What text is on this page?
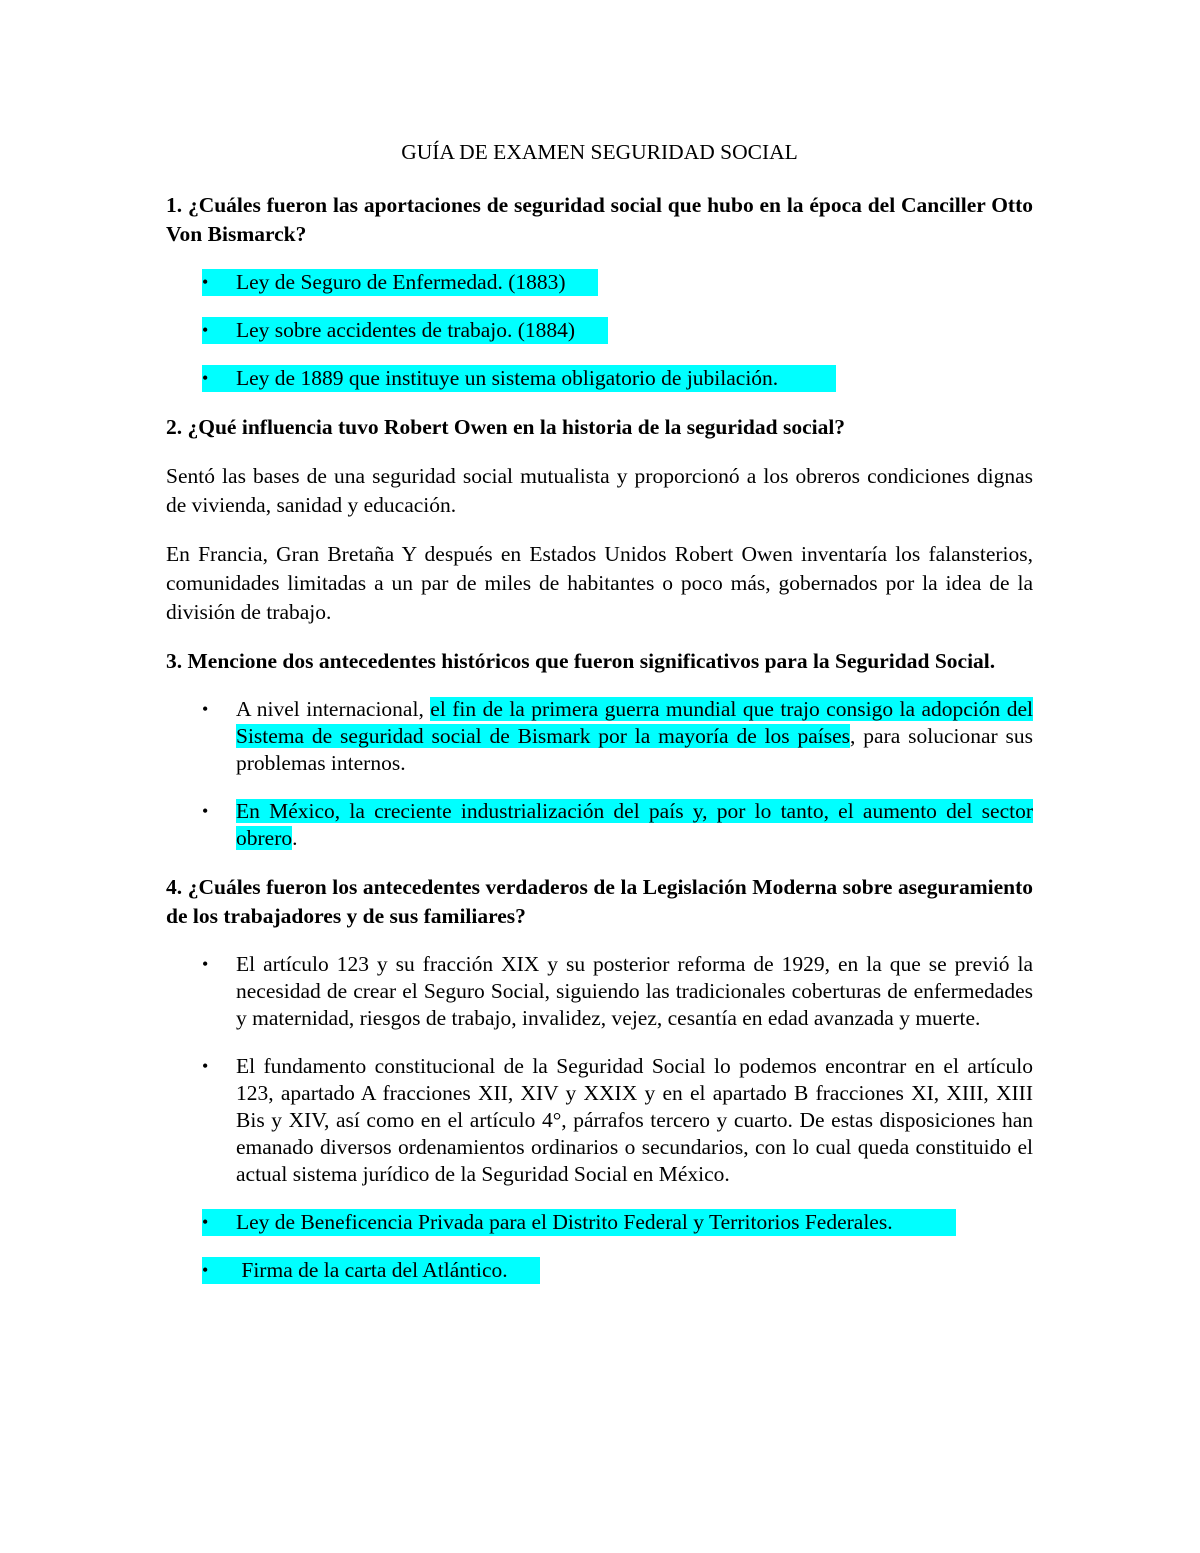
GUÍA DE EXAMEN SEGURIDAD SOCIAL
1. ¿Cuáles fueron las aportaciones de seguridad social que hubo en la época del Canciller Otto Von Bismarck?
• Ley de Seguro de Enfermedad. (1883)
• Ley sobre accidentes de trabajo. (1884)
• Ley de 1889 que instituye un sistema obligatorio de jubilación.
2. ¿Qué influencia tuvo Robert Owen en la historia de la seguridad social?
Sentó las bases de una seguridad social mutualista y proporcionó a los obreros condiciones dignas de vivienda, sanidad y educación.
En Francia, Gran Bretaña Y después en Estados Unidos Robert Owen inventaría los falansterios, comunidades limitadas a un par de miles de habitantes o poco más, gobernados por la idea de la división de trabajo.
3. Mencione dos antecedentes históricos que fueron significativos para la Seguridad Social.
• A nivel internacional, el fin de la primera guerra mundial que trajo consigo la adopción del Sistema de seguridad social de Bismark por la mayoría de los países, para solucionar sus problemas internos.
• En México, la creciente industrialización del país y, por lo tanto, el aumento del sector obrero.
4. ¿Cuáles fueron los antecedentes verdaderos de la Legislación Moderna sobre aseguramiento de los trabajadores y de sus familiares?
• El artículo 123 y su fracción XIX y su posterior reforma de 1929, en la que se previó la necesidad de crear el Seguro Social, siguiendo las tradicionales coberturas de enfermedades y maternidad, riesgos de trabajo, invalidez, vejez, cesantía en edad avanzada y muerte.
• El fundamento constitucional de la Seguridad Social lo podemos encontrar en el artículo 123, apartado A fracciones XII, XIV y XXIX y en el apartado B fracciones XI, XIII, XIII Bis y XIV, así como en el artículo 4°, párrafos tercero y cuarto. De estas disposiciones han emanado diversos ordenamientos ordinarios o secundarios, con lo cual queda constituido el actual sistema jurídico de la Seguridad Social en México.
• Ley de Beneficencia Privada para el Distrito Federal y Territorios Federales.
• Firma de la carta del Atlántico.
